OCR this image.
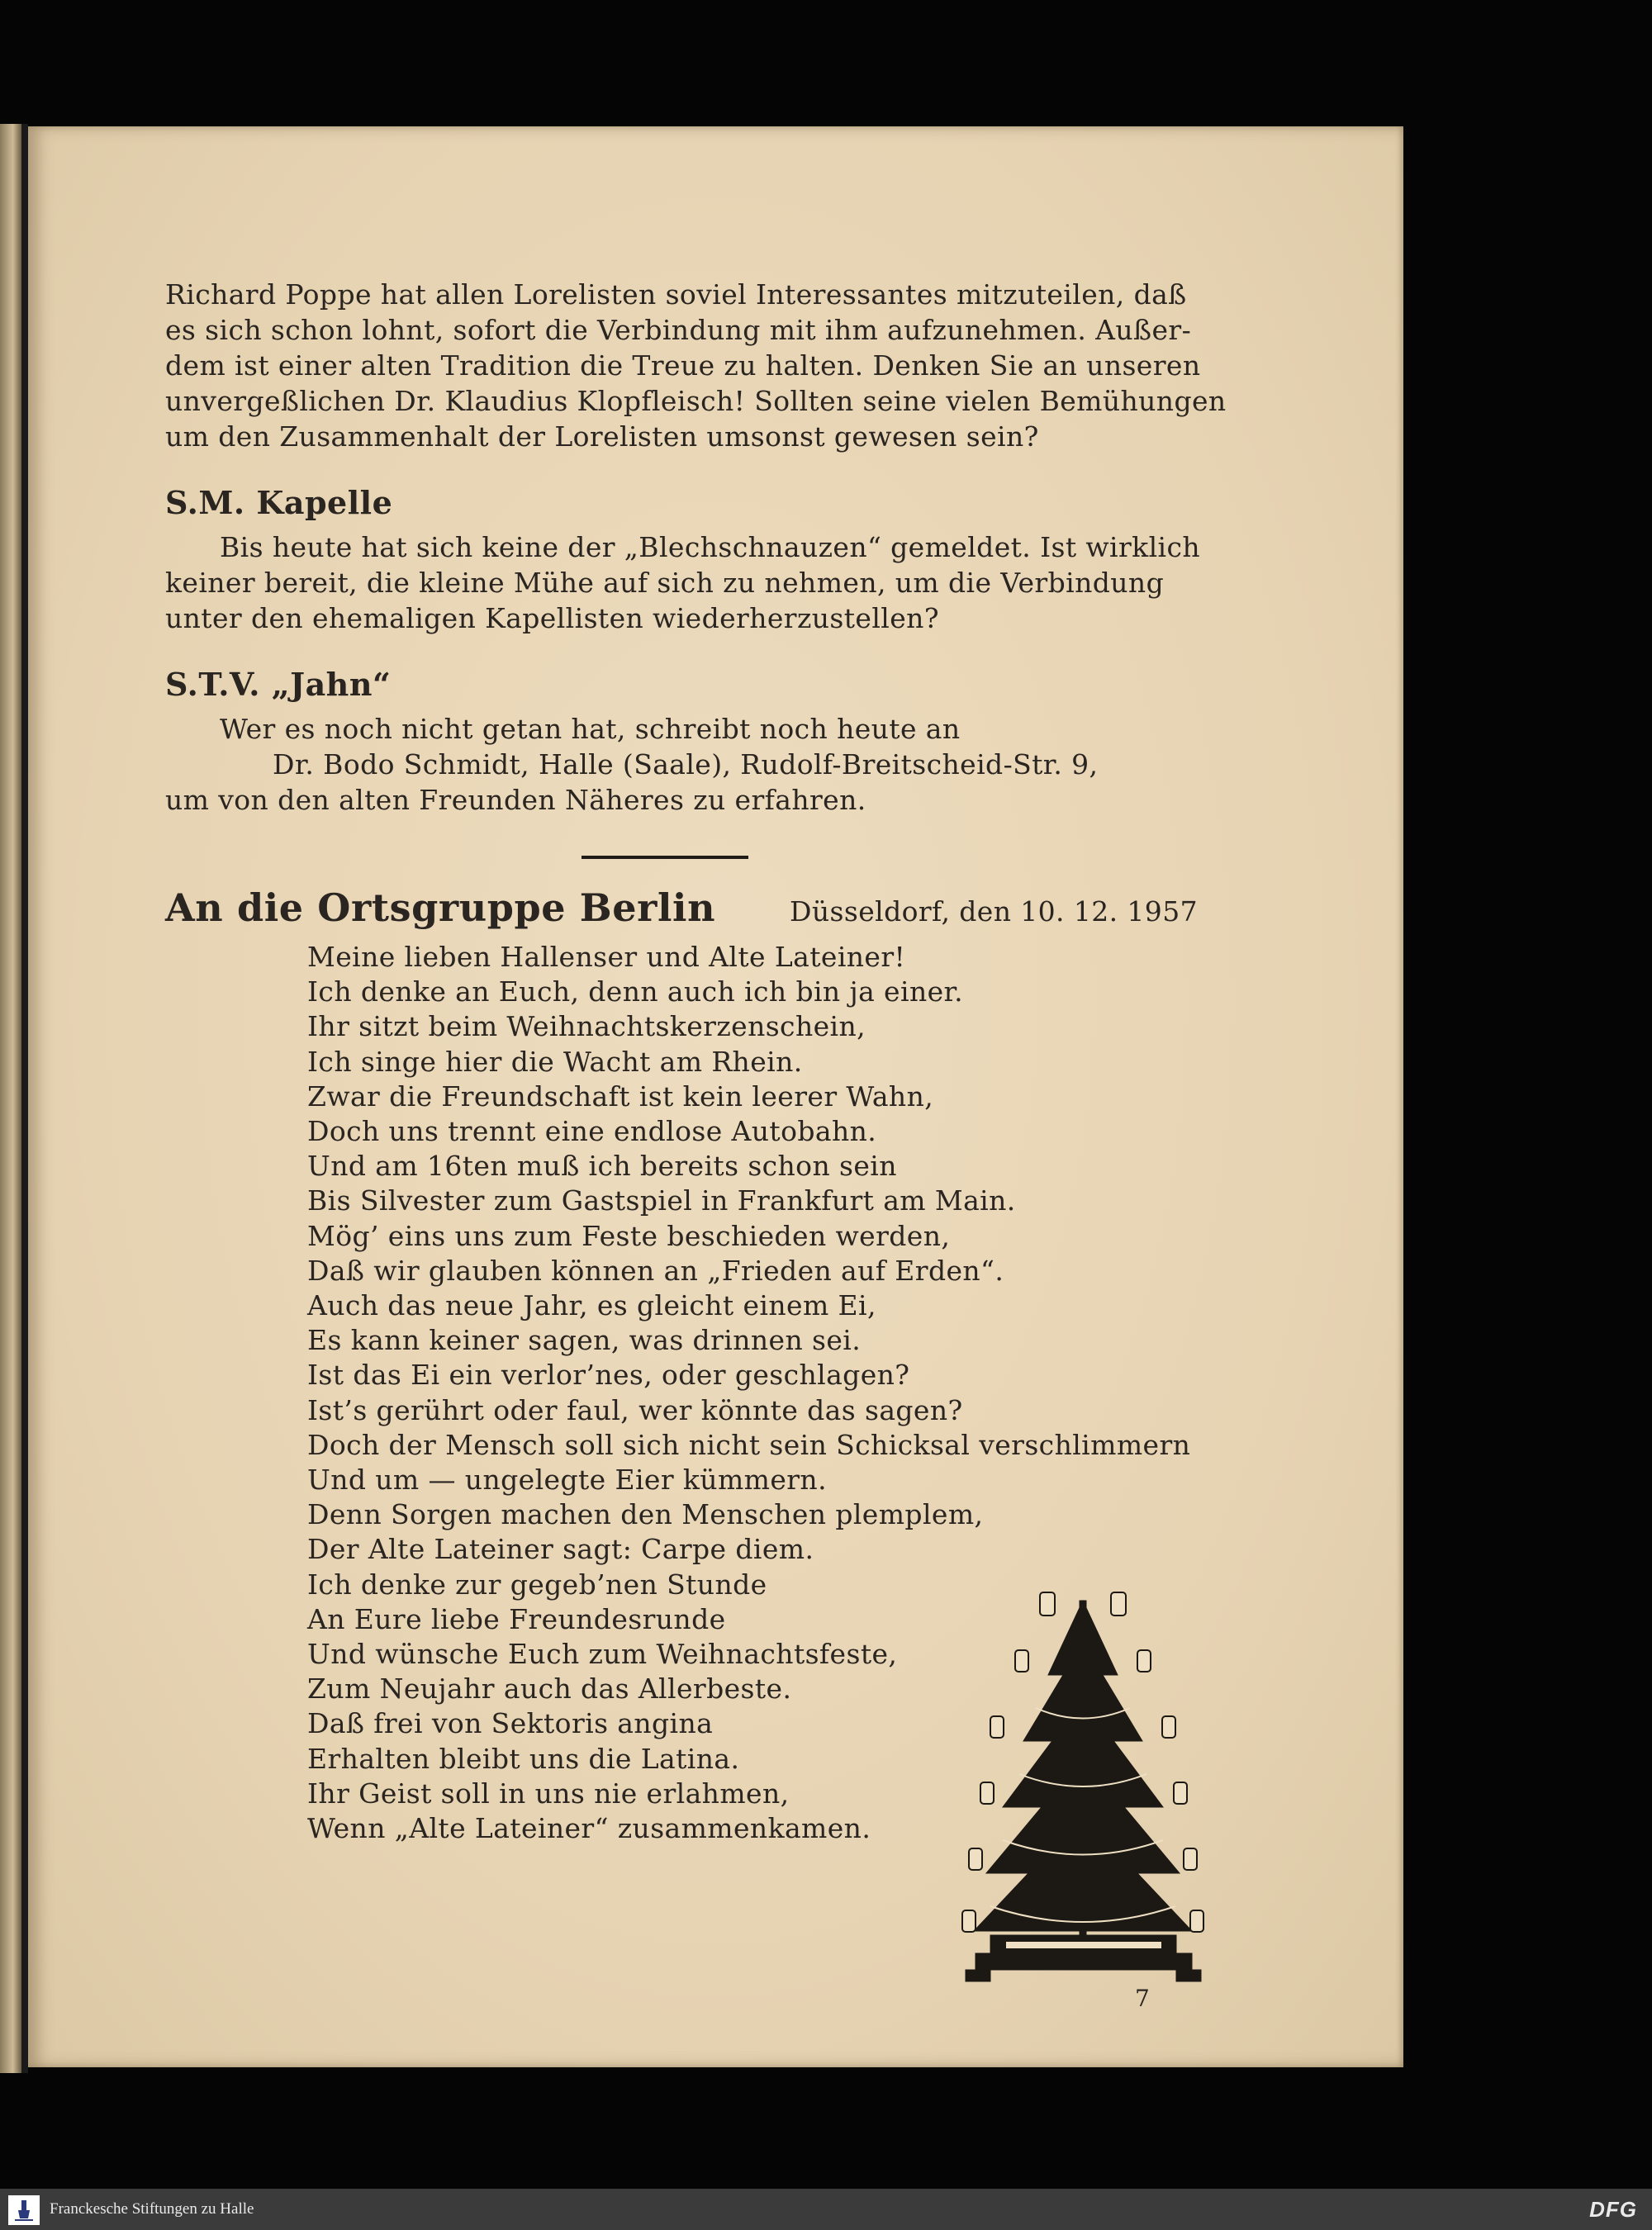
Richard Poppe hat allen Lorelisten soviel Interessantes mitzuteilen, daß
es sich schon lohnt, sofort die Verbindung mit ihm aufzunehmen. Außer-
dem ist einer alten Tradition die Treue zu halten. Denken Sie an unseren
unvergeßlichen Dr. Klaudius Klopfleisch! Sollten seine vielen Bemühungen
um den Zusammenhalt der Lorelisten umsonst gewesen sein?

S.M. Kapelle
Bis heute hat sich keine der „Blechschnauzen“ gemeldet. Ist wirklich
keiner bereit, die kleine Mühe auf sich zu nehmen, um die Verbindung
unter den ehemaligen Kapellisten wiederherzustellen?
S.T.V. „Jahn“
Wer es noch nicht getan hat, schreibt noch heute an
Dr. Bodo Schmidt, Halle (Saale), Rudolf-Breitscheid-Str. 9,
um von den alten Freunden Näheres zu erfahren.
An die Ortsgruppe Berlin	Düsseldorf, den 10. 12. 1957
Meine lieben Hallenser und Alte Lateiner!
Ich denke an Euch, denn auch ich bin ja einer.
Ihr sitzt beim Weihnachtskerzenschein,
Ich singe hier die Wacht am Rhein.
Zwar die Freundschaft ist kein leerer Wahn,
Doch uns trennt eine endlose Autobahn.
Und am 16ten muß ich bereits schon sein
Bis Silvester zum Gastspiel in Frankfurt am Main.
Mög’ eins uns zum Feste beschieden werden,
Daß wir glauben können an „Frieden auf Erden“.
Auch das neue Jahr, es gleicht einem Ei,
Es kann keiner sagen, was drinnen sei.
Ist das Ei ein verlor’nes, oder geschlagen?
Ist’s gerührt oder faul, wer könnte das sagen?
Doch der Mensch soll sich nicht sein Schicksal verschlimmern
Und um — ungelegte Eier kümmern.
Denn Sorgen machen den Menschen plemplem,
Der Alte Lateiner sagt: Carpe diem.
Ich denke zur gegeb’nen Stunde
An Eure liebe Freundesrunde
Und wünsche Euch zum Weihnachtsfeste,
Zum Neujahr auch das Allerbeste.
Daß frei von Sektoris angina
Erhalten bleibt uns die Latina.
Ihr Geist soll in uns nie erlahmen,
Wenn „Alte Lateiner“ zusammenkamen.
7
Franckesche Stiftungen zu Halle	DFG
